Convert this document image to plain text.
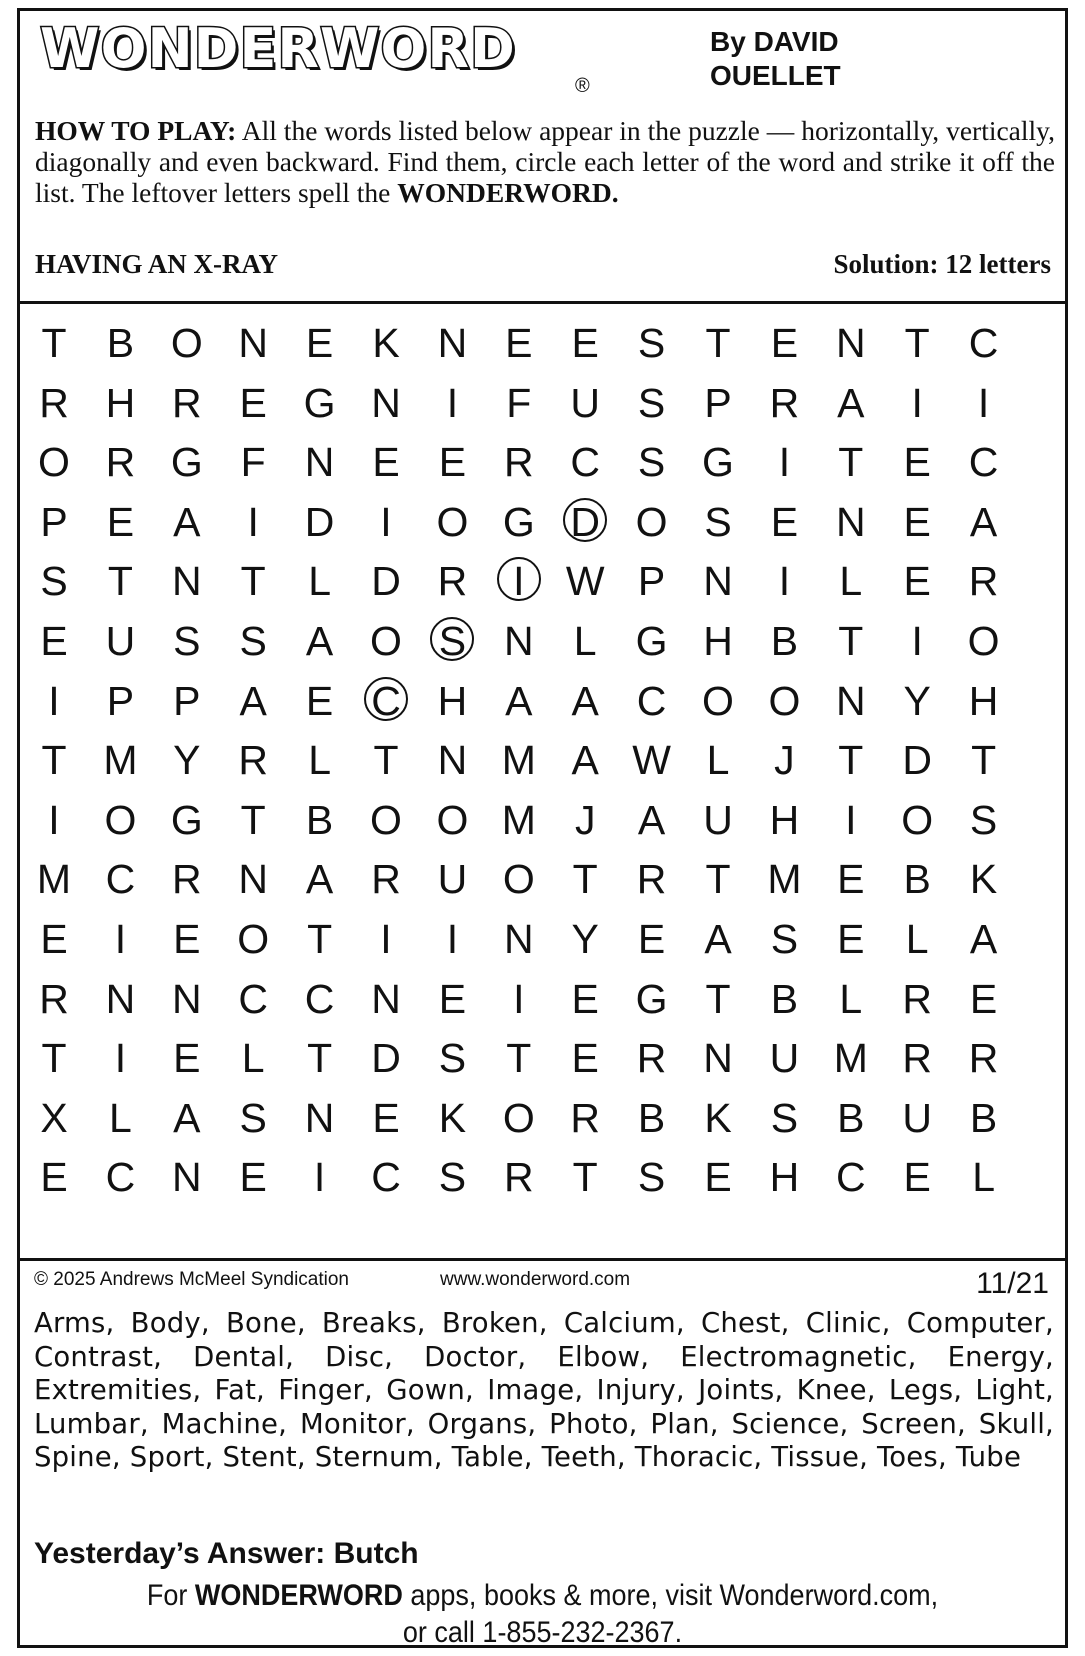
WONDERWORD
®
By DAVID
OUELLET
HOW TO PLAY: All the words listed below appear in the puzzle — horizontally, vertically, diagonally and even backward. Find them, circle each letter of the word and strike it off the list. The leftover letters spell the WONDERWORD.
HAVING AN X-RAY	Solution: 12 letters
T B O N E K N E E S T E N T C
R H R E G N	I	F U S P R A	I	I
O R G F N E E R C S G	I	T E C
P E A	I	D	I	O G D O S E N E A
S T N T	L D R	I	W P N	I	L	E R
E U S S A O S N L G H B T	I	O
I	P P A E C H A A C O O N Y H
T M Y R L	T N M A W L	J	T D T
I	O G T B O O M J	A U H	I	O S
M C R N A R U O T R T M E B K
E	I	E O T	I	I	N Y E A S E	L	A
R N N C C N E	I	E G T B	L R E
T	I	E	L	T D S T E R N U M R R
X	L	A S N E K O R B K S B U B
E C N E	I	C S R T S E H C E	L
© 2025 Andrews McMeel Syndication	www.wonderword.com	11/21
Arms, Body, Bone, Breaks, Broken, Calcium, Chest, Clinic, Computer, Contrast, Dental, Disc, Doctor, Elbow, Electromagnetic, Energy, Extremities, Fat, Finger, Gown, Image, Injury, Joints, Knee, Legs, Light, Lumbar, Machine, Monitor, Organs, Photo, Plan, Science, Screen, Skull, Spine, Sport, Stent, Sternum, Table, Teeth, Thoracic, Tissue, Toes, Tube
Yesterday’s Answer: Butch
For WONDERWORD apps, books & more, visit Wonderword.com,
or call 1-855-232-2367.
